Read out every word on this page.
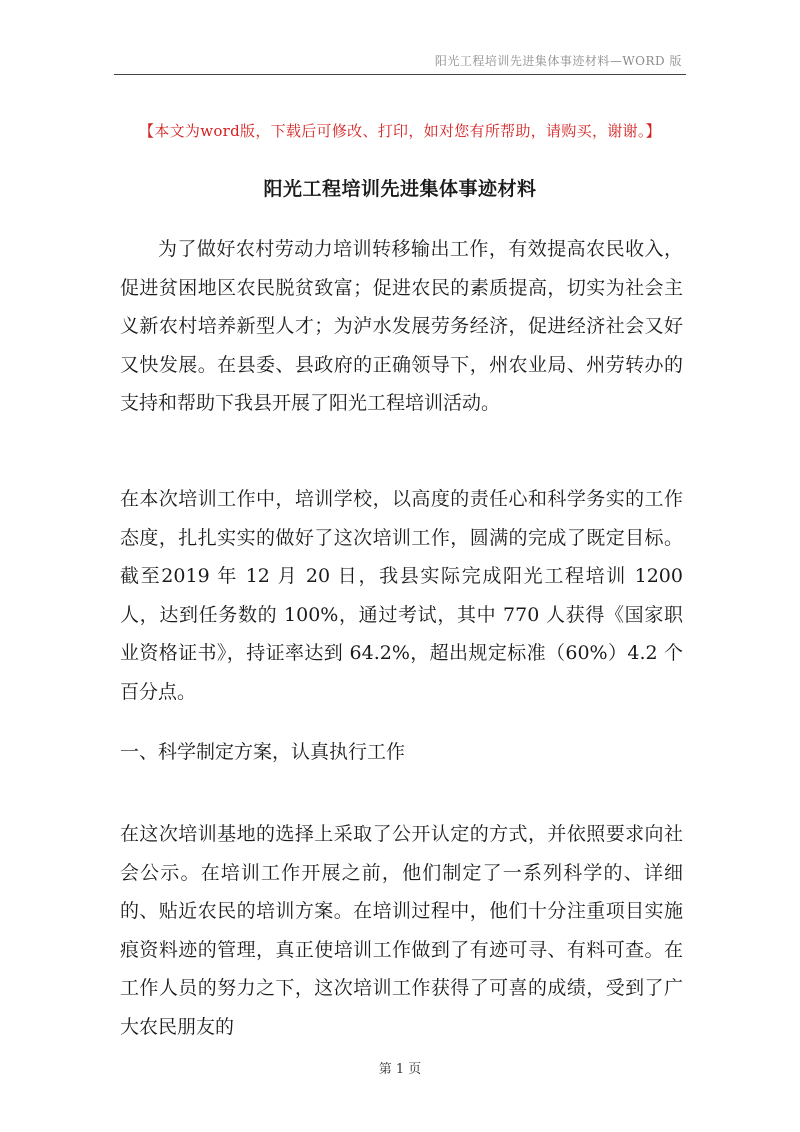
阳光工程培训先进集体事迹材料—WORD 版
【本文为word版，下载后可修改、打印，如对您有所帮助，请购买，谢谢。】
阳光工程培训先进集体事迹材料

为了做好农村劳动力培训转移输出工作，有效提高农民收入，促进贫困地区农民脱贫致富；促进农民的素质提高，切实为社会主义新农村培养新型人才；为泸水发展劳务经济，促进经济社会又好又快发展。在县委、县政府的正确领导下，州农业局、州劳转办的支持和帮助下我县开展了阳光工程培训活动。

在本次培训工作中，培训学校，以高度的责任心和科学务实的工作态度，扎扎实实的做好了这次培训工作，圆满的完成了既定目标。截至2019 年 12 月 20 日，我县实际完成阳光工程培训 1200 人，达到任务数的 100%，通过考试，其中 770 人获得《国家职业资格证书》，持证率达到 64.2%，超出规定标准（60%）4.2 个百分点。

一、科学制定方案，认真执行工作

在这次培训基地的选择上采取了公开认定的方式，并依照要求向社会公示。在培训工作开展之前，他们制定了一系列科学的、详细的、贴近农民的培训方案。在培训过程中，他们十分注重项目实施痕资料迹的管理，真正使培训工作做到了有迹可寻、有料可查。在工作人员的努力之下，这次培训工作获得了可喜的成绩，受到了广大农民朋友的

第 1 页
